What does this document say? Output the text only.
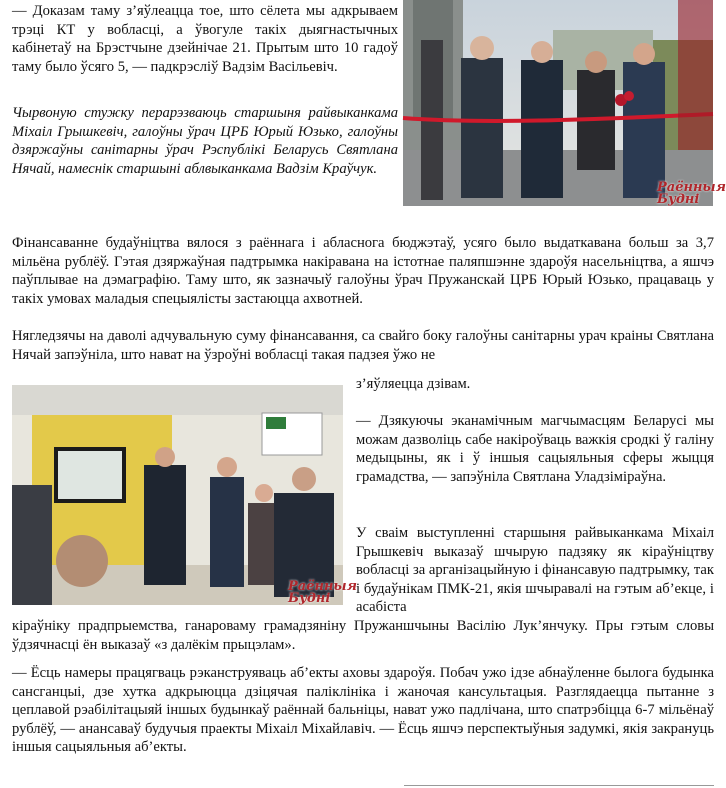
— Доказам таму з’яўлеацца тое, што сёлета мы адкрываем трэці КТ у вобласці, а ўвогуле такіх дыягнастычных кабінетаў на Брэстчыне дзейнічае 21. Прытым што 10 гадоў таму было ўсяго 5, — падкрэсліў Вадзім Васільевіч.

Чырвоную стужку перарэзваюць старшыня райвыканкама Міхаіл Грышкевіч, галоўны ўрач ЦРБ Юрый Юзько, галоўны дзяржаўны санітарны ўрач Рэспублікі Беларусь Святлана Нячай, намеснік старшыні аблвыканкама Вадзім Краўчук.

Раённыя
Будні

Фінансаванне будаўніцтва вялося з раённага і абласнога бюджэтаў, усяго было выдаткавана больш за 3,7 мільёна рублёў. Гэтая дзяржаўная падтрымка накіравана на істотнае паляпшэнне здароўя насельніцтва, а яшчэ паўплывае на дэмаграфію. Таму што, як зазначыў галоўны ўрач Пружанскай ЦРБ Юрый Юзько, працаваць у такіх умовах маладыя спецыялісты застаюцца ахвотней.

Нягледзячы на даволі адчувальную суму фінансавання, са свайго боку галоўны санітарны урач краіны Святлана Нячай запэўніла, што нават на ўзроўні вобласці такая падзея ўжо не

з’яўляецца дзівам.

Раённыя
Будні

— Дзякуючы эканамічным магчымасцям Беларусі мы можам дазволіць сабе накіроўваць важкія сродкі ў галіну медыцыны, як і ў іншыя сацыяльныя сферы жыцця грамадства, — запэўніла Святлана Уладзіміраўна.

У сваім выступленні старшыня райвыканкама Міхаіл Грышкевіч выказаў шчырую падзяку як кіраўніцтву вобласці за арганізацыйную і фінансавую падтрымку, так і будаўнікам ПМК-21, якія шчыравалі на гэтым аб’екце, і асабіста

кіраўніку прадпрыемства, ганароваму грамадзяніну Пружаншчыны Васілію Лук’янчуку. Пры гэтым словы ўдзячнасці ён выказаў «з далёкім прыцэлам».

— Ёсць намеры працягваць рэканструяваць аб’екты аховы здароўя. Побач ужо ідзе абнаўленне былога будынка сансганцыі, дзе хутка адкрыюцца дзіцячая паліклініка і жаночая кансультацыя. Разглядаецца пытанне з цеплавой рэабілітацыяй іншых будынкаў раённай бальніцы, нават ужо падлічана, што спатрэбіцца 6-7 мільёнаў рублёў, — анансаваў будучыя праекты Міхаіл Міхайлавіч. — Ёсць яшчэ перспектыўныя задумкі, якія закрануць іншыя сацыяльныя аб’екты.
